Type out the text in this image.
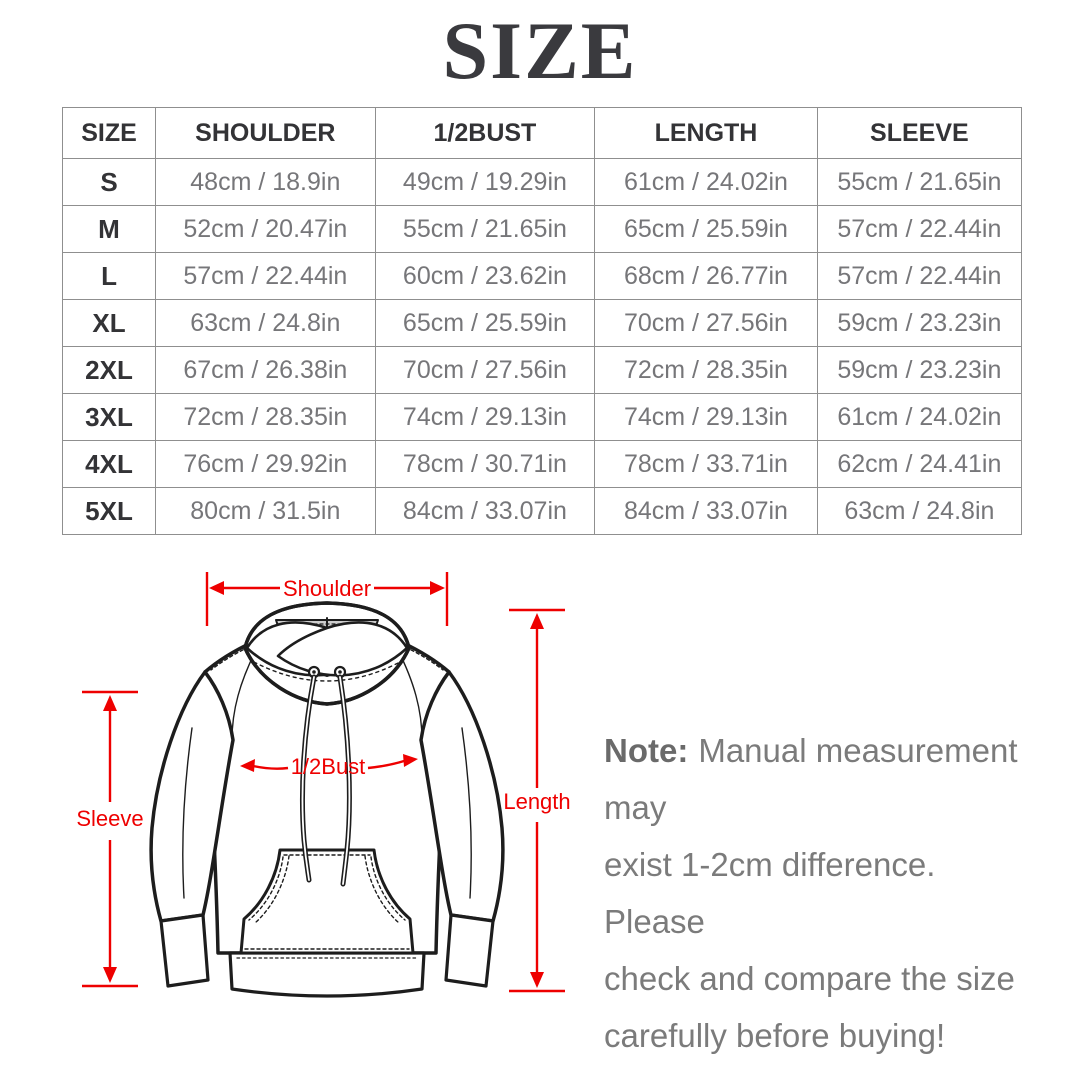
SIZE
SIZE	SHOULDER	1/2BUST	LENGTH	SLEEVE
S	48cm / 18.9in	49cm / 19.29in	61cm / 24.02in	55cm / 21.65in
M	52cm / 20.47in	55cm / 21.65in	65cm / 25.59in	57cm / 22.44in
L	57cm / 22.44in	60cm / 23.62in	68cm / 26.77in	57cm / 22.44in
XL	63cm / 24.8in	65cm / 25.59in	70cm / 27.56in	59cm / 23.23in
2XL	67cm / 26.38in	70cm / 27.56in	72cm / 28.35in	59cm / 23.23in
3XL	72cm / 28.35in	74cm / 29.13in	74cm / 29.13in	61cm / 24.02in
4XL	76cm / 29.92in	78cm / 30.71in	78cm / 33.71in	62cm / 24.41in
5XL	80cm / 31.5in	84cm / 33.07in	84cm / 33.07in	63cm / 24.8in
Shoulder
1/2Bust
Length
Sleeve
Note: Manual measurement may
exist 1-2cm difference. Please
check and compare the size
carefully before buying!
